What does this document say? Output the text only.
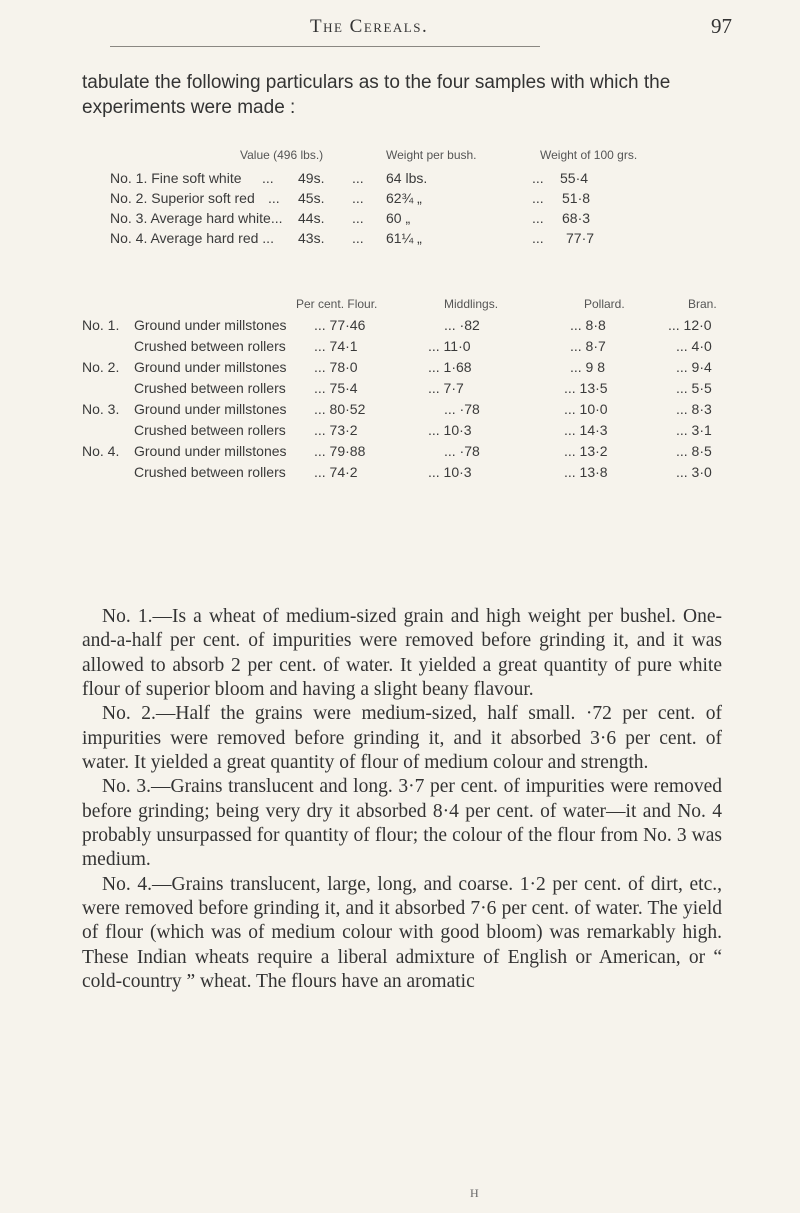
The Cereals.	97
tabulate the following particulars as to the four samples with which the experiments were made :
Value (496 lbs.)	Weight per bush.	Weight of 100 grs.
No. 1. Fine soft white ... 49s. ... 64 lbs.	... 55·4
No. 2. Superior soft red ... 45s. ... 62¾ „	... 51·8
No. 3. Average hard white... 44s. ... 60 „	... 68·3
No. 4. Average hard red ... 43s. ... 61¼ „	... 77·7
Per cent. Flour.	Middlings.	Pollard.	Bran.
No. 1. Ground under millstones ... 77·46	... ·82	... 8·8	... 12·0
Crushed between rollers ... 74·1	... 11·0	... 8·7	... 4·0
No. 2. Ground under millstones ... 78·0	... 1·68	... 9 8	... 9·4
Crushed between rollers ... 75·4	... 7·7	... 13·5	... 5·5
No. 3. Ground under millstones ... 80·52	... ·78	... 10·0	... 8·3
Crushed between rollers ... 73·2	... 10·3	... 14·3	... 3·1
No. 4. Ground under millstones ... 79·88	... ·78	... 13·2	... 8·5
Crushed between rollers ... 74·2	... 10·3	... 13·8	... 3·0

No. 1.—Is a wheat of medium-sized grain and high weight per bushel. One-and-a-half per cent. of impurities were removed before grinding it, and it was allowed to absorb 2 per cent. of water. It yielded a great quantity of pure white flour of superior bloom and having a slight beany flavour.

No. 2.—Half the grains were medium-sized, half small. ·72 per cent. of impurities were removed before grinding it, and it absorbed 3·6 per cent. of water. It yielded a great quantity of flour of medium colour and strength.

No. 3.—Grains translucent and long. 3·7 per cent. of impurities were removed before grinding; being very dry it absorbed 8·4 per cent. of water—it and No. 4 probably unsurpassed for quantity of flour; the colour of the flour from No. 3 was medium.

No. 4.—Grains translucent, large, long, and coarse. 1·2 per cent. of dirt, etc., were removed before grinding it, and it absorbed 7·6 per cent. of water. The yield of flour (which was of medium colour with good bloom) was remarkably high. These Indian wheats require a liberal admixture of English or American, or “ cold-country ” wheat. The flours have an aromatic

H
